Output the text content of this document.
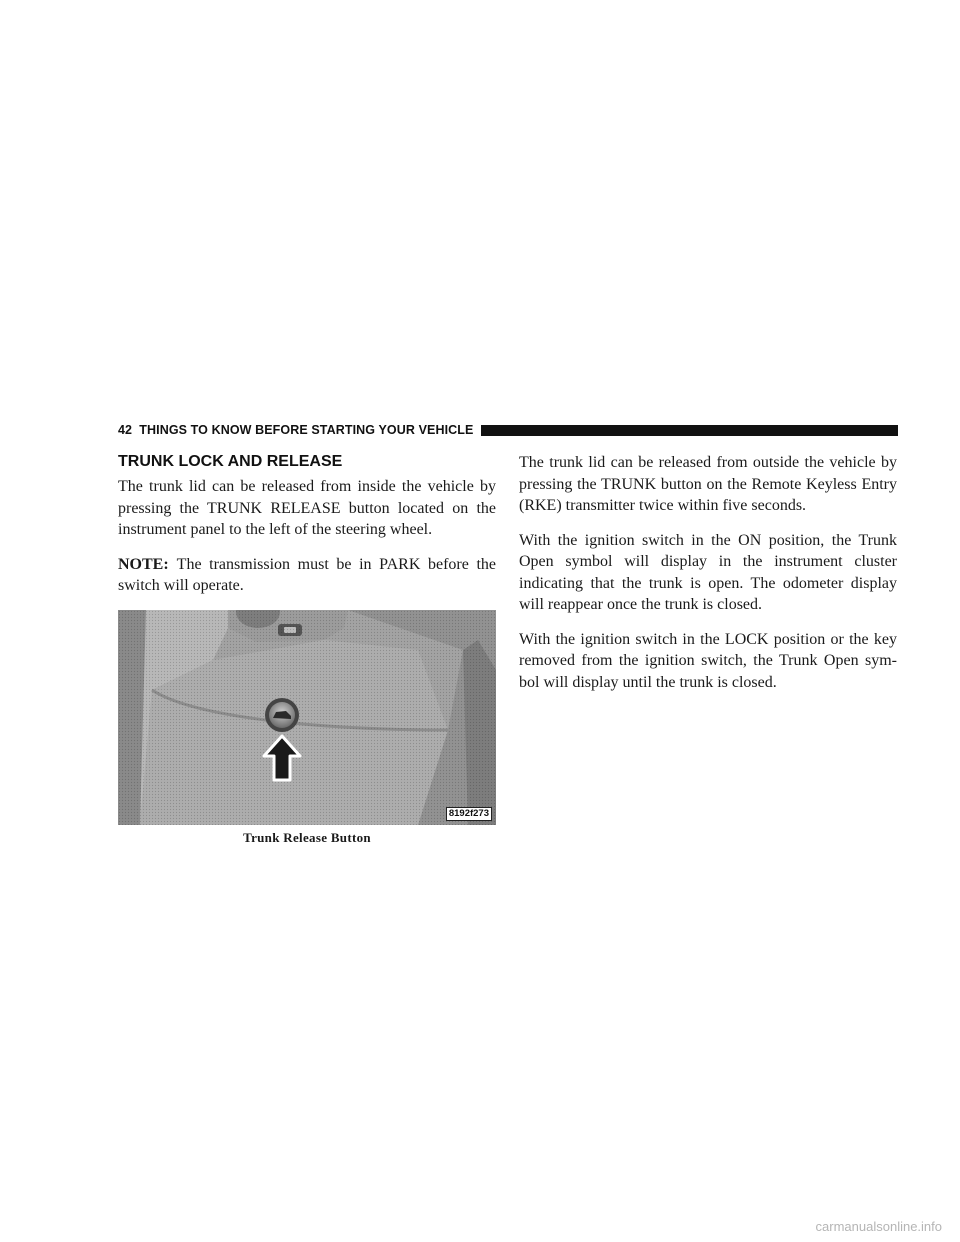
42 THINGS TO KNOW BEFORE STARTING YOUR VEHICLE
TRUNK LOCK AND RELEASE

The trunk lid can be released from inside the vehicle by pressing the TRUNK RELEASE button located on the instrument panel to the left of the steering wheel.

NOTE: The transmission must be in PARK before the switch will operate.

8192f273
Trunk Release Button

The trunk lid can be released from outside the vehicle by pressing the TRUNK button on the Remote Keyless Entry (RKE) transmitter twice within five seconds.

With the ignition switch in the ON position, the Trunk Open symbol will display in the instrument cluster indicating that the trunk is open. The odometer display will reappear once the trunk is closed.

With the ignition switch in the LOCK position or the key removed from the ignition switch, the Trunk Open sym-bol will display until the trunk is closed.

carmanualsonline.info
